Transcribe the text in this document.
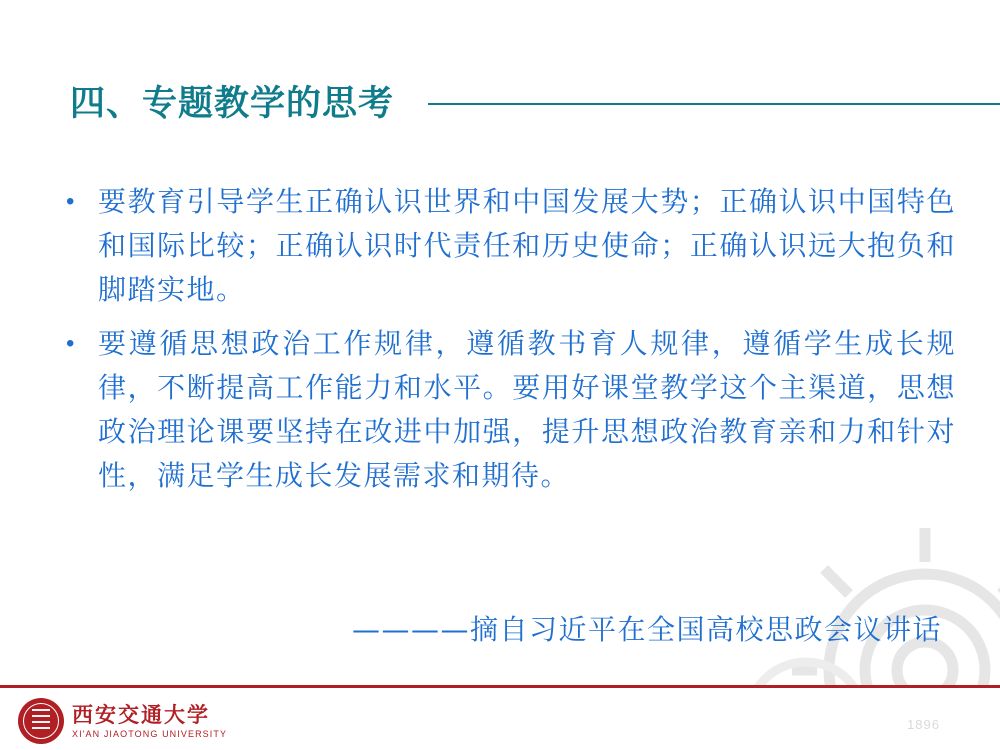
四、专题教学的思考
• 要教育引导学生正确认识世界和中国发展大势；正确认识中国特色和国际比较；正确认识时代责任和历史使命；正确认识远大抱负和脚踏实地。
• 要遵循思想政治工作规律，遵循教书育人规律，遵循学生成长规律，不断提高工作能力和水平。要用好课堂教学这个主渠道，思想政治理论课要坚持在改进中加强，提升思想政治教育亲和力和针对性，满足学生成长发展需求和期待。
————摘自习近平在全国高校思政会议讲话
西安交通大学
XI'AN JIAOTONG UNIVERSITY
1896
